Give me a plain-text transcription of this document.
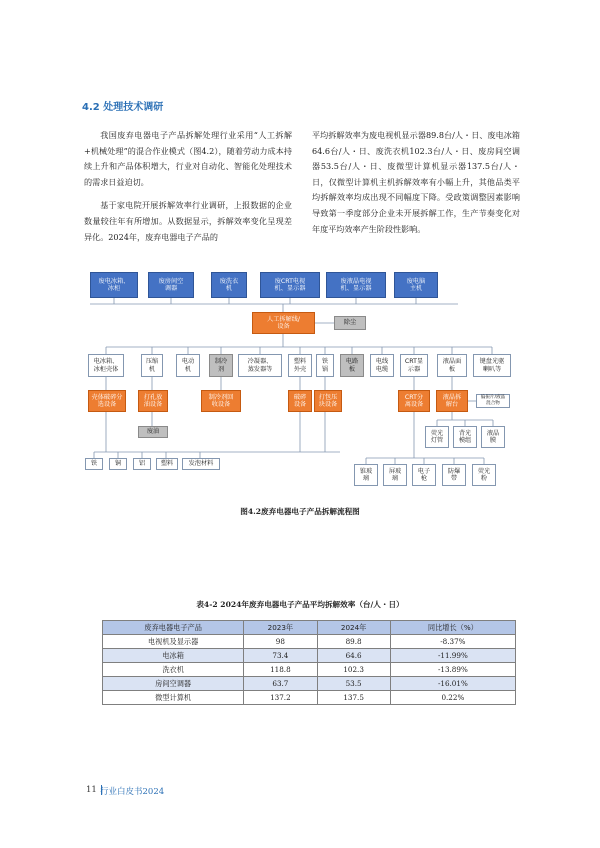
4.2 处理技术调研

我国废弃电器电子产品拆解处理行业采用“人工拆解+机械处理”的混合作业模式（图4.2），随着劳动力成本持续上升和产品体积增大，行业对自动化、智能化处理技术的需求日益迫切。

基于家电院开展拆解效率行业调研，上报数据的企业数量较往年有所增加。从数据显示，拆解效率变化呈现差异化。2024年，废弃电器电子产品的

平均拆解效率为废电视机显示器89.8台/人・日、废电冰箱64.6台/人・日、废洗衣机102.3台/人・日、废房间空调器53.5台/人・日、废微型计算机显示器137.5台/人・日，仅微型计算机主机拆解效率有小幅上升，其他品类平均拆解效率均成出现不同幅度下降。受政策调整因素影响导致第一季度部分企业未开展拆解工作，生产节奏变化对年度平均效率产生阶段性影响。

废电冰箱、
冰柜
废房间空
调器
废洗衣
机
废CRT电视
机、显示器
废液晶电视
机、显示器
废电脑
主机
人工拆解线/
设备
除尘
电冰箱、
冰柜壳体
压缩
机
电动
机
制冷
剂
冷凝器、
蒸发器等
塑料
外壳
铁
锅
电路
板
电线
电缆
CRT显
示器
液晶面
板
键盘光驱
喇叭等
壳体破碎分
选设备
打孔放
油设备
制冷剂回
收设备
破碎
设备
打包压
块设备
废油
铁	铜	铝	塑料	发泡材料
CRT分
离设备
液晶拆
解台
偏振片/液晶
混合物
荧光
灯管
背光
模组
液晶
膜
锥玻
璃
屏玻
璃
电子
枪
防爆
带
荧光
粉
图4.2废弃电器电子产品拆解流程图
表4-2 2024年废弃电器电子产品平均拆解效率（台/人・日）
废弃电器电子产品	2023年	2024年	同比增长（%）
电视机及显示器	98	89.8	-8.37%
电冰箱	73.4	64.6	-11.99%
洗衣机	118.8	102.3	-13.89%
房间空调器	63.7	53.5	-16.01%
微型计算机	137.2	137.5	0.22%
11 行业白皮书2024
